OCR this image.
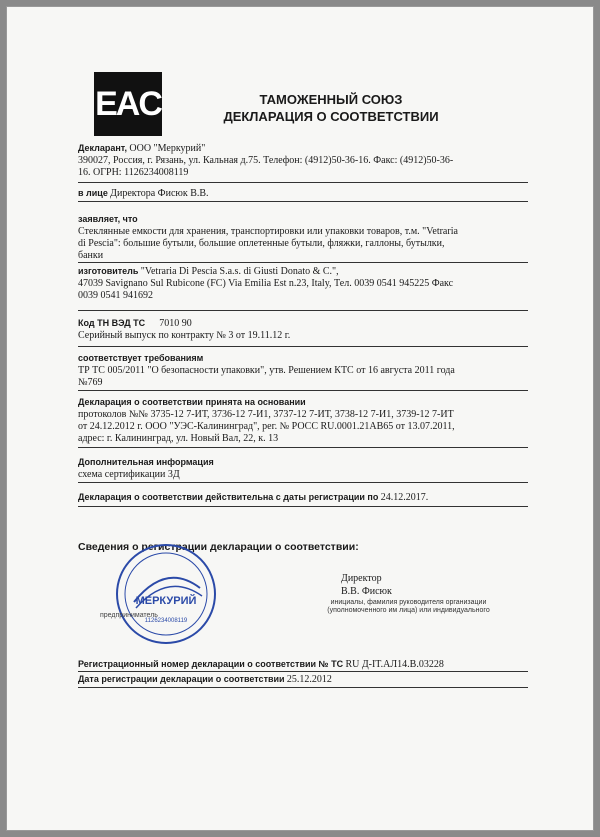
EAC	ТАМОЖЕННЫЙ СОЮЗ
ДЕКЛАРАЦИЯ О СООТВЕТСТВИИ
Декларант, ООО "Меркурий"
390027, Россия, г. Рязань, ул. Кальная д.75. Телефон: (4912)50-36-16. Факс: (4912)50-36-
16. ОГРН: 1126234008119
в лице Директора Фисюк В.В.
заявляет, что
Стеклянные емкости для хранения, транспортировки или упаковки товаров, т.м. "Vetraria
di Pescia": большие бутыли, большие оплетенные бутыли, фляжки, галлоны, бутылки,
банки
изготовитель "Vetraria Di Pescia S.a.s. di Giusti Donato & C.",
47039 Savignano Sul Rubicone (FC) Via Emilia Est n.23, Italy, Тел. 0039 0541 945225 Факс
0039 0541 941692
Код ТН ВЭД ТС 7010 90
Серийный выпуск по контракту № 3 от 19.11.12 г.
соответствует требованиям
ТР ТС 005/2011 "О безопасности упаковки", утв. Решением КТС от 16 августа 2011 года
№769
Декларация о соответствии принята на основании
протоколов №№ 3735-12 7-ИТ, 3736-12 7-И1, 3737-12 7-ИТ, 3738-12 7-И1, 3739-12 7-ИТ
от 24.12.2012 г. ООО "УЭС-Калининград", рег. № РОСС RU.0001.21АВ65 от 13.07.2011,
адрес: г. Калининград, ул. Новый Вал, 22, к. 13
Дополнительная информация
схема сертификации 3Д
Декларация о соответствии действительна с даты регистрации по 24.12.2017.
Сведения о регистрации декларации о соответствии:
МЕРКУРИЙ
1126234008119
Директор
В.В. Фисюк
инициалы, фамилия руководителя организации
(уполномоченного им лица) или индивидуального
предприниматель
Регистрационный номер декларации о соответствии № ТС RU Д-IT.АЛ14.В.03228
Дата регистрации декларации о соответствии 25.12.2012
